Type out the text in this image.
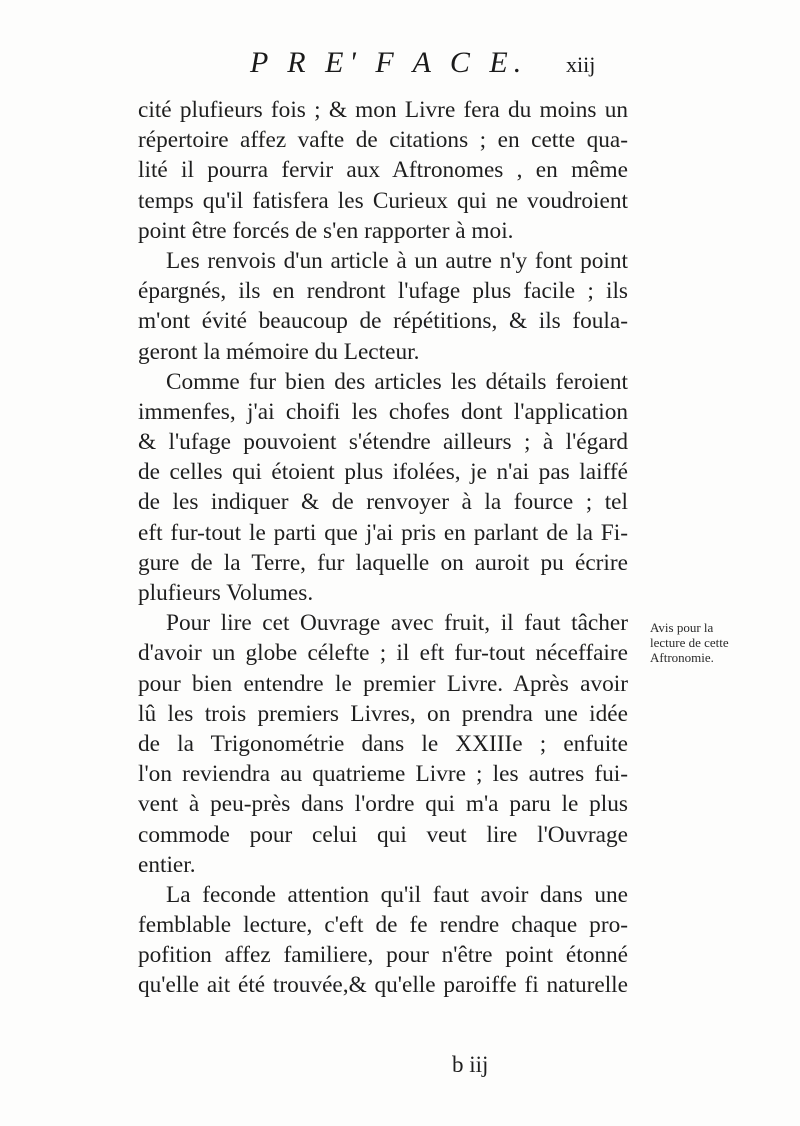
P R E' F A C E. xiij
cité plufieurs fois ; & mon Livre fera du moins un
répertoire affez vafte de citations ; en cette qua-
lité il pourra fervir aux Aftronomes , en même
temps qu'il fatisfera les Curieux qui ne voudroient
point être forcés de s'en rapporter à moi.
Les renvois d'un article à un autre n'y font point
épargnés, ils en rendront l'ufage plus facile ; ils
m'ont évité beaucoup de répétitions, & ils foula-
geront la mémoire du Lecteur.
Comme fur bien des articles les détails feroient
immenfes, j'ai choifi les chofes dont l'application
& l'ufage pouvoient s'étendre ailleurs ; à l'égard
de celles qui étoient plus ifolées, je n'ai pas laiffé
de les indiquer & de renvoyer à la fource ; tel
eft fur-tout le parti que j'ai pris en parlant de la Fi-
gure de la Terre, fur laquelle on auroit pu écrire
plufieurs Volumes.
Pour lire cet Ouvrage avec fruit, il faut tâcher
d'avoir un globe célefte ; il eft fur-tout néceffaire
pour bien entendre le premier Livre. Après avoir
lû les trois premiers Livres, on prendra une idée
de la Trigonométrie dans le XXIIIe ; enfuite
l'on reviendra au quatrieme Livre ; les autres fui-
vent à peu-près dans l'ordre qui m'a paru le plus
commode pour celui qui veut lire l'Ouvrage
entier.
La feconde attention qu'il faut avoir dans une
femblable lecture, c'eft de fe rendre chaque pro-
pofition affez familiere, pour n'être point étonné
qu'elle ait été trouvée,& qu'elle paroiffe fi naturelle
b iij
Avis pour la
lecture de cette
Aftronomie.
